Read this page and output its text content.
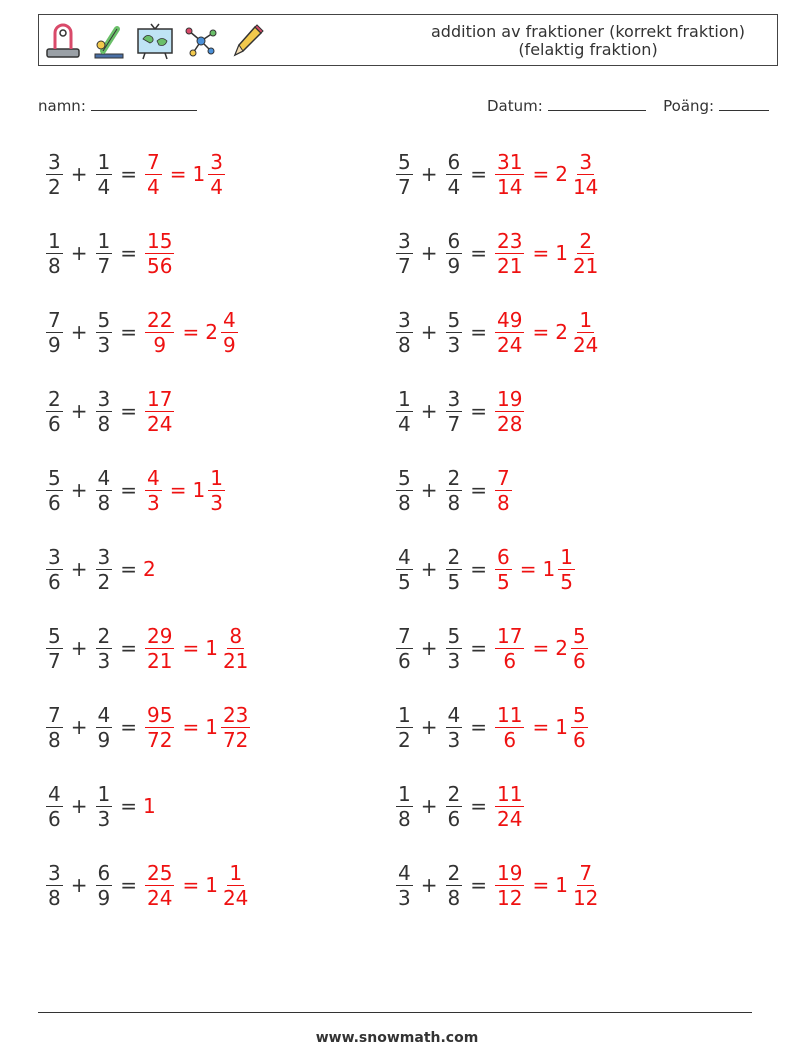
addition av fraktioner (korrekt fraktion)
(felaktig fraktion)
namn:	Datum:	Poäng:
$\frac{3}{2} + \frac{1}{4} = \frac{7}{4} = 1 \frac{3}{4}$	$\frac{5}{7} + \frac{6}{4} = \frac{31}{14} = 2 \frac{3}{14}$
$\frac{1}{8} + \frac{1}{7} = \frac{15}{56}$	$\frac{3}{7} + \frac{6}{9} = \frac{23}{21} = 1 \frac{2}{21}$
$\frac{7}{9} + \frac{5}{3} = \frac{22}{9} = 2 \frac{4}{9}$	$\frac{3}{8} + \frac{5}{3} = \frac{49}{24} = 2 \frac{1}{24}$
$\frac{2}{6} + \frac{3}{8} = \frac{17}{24}$	$\frac{1}{4} + \frac{3}{7} = \frac{19}{28}$
$\frac{5}{6} + \frac{4}{8} = \frac{4}{3} = 1 \frac{1}{3}$	$\frac{5}{8} + \frac{2}{8} = \frac{7}{8}$
$\frac{3}{6} + \frac{3}{2} = 2$	$\frac{4}{5} + \frac{2}{5} = \frac{6}{5} = 1 \frac{1}{5}$
$\frac{5}{7} + \frac{2}{3} = \frac{29}{21} = 1 \frac{8}{21}$	$\frac{7}{6} + \frac{5}{3} = \frac{17}{6} = 2 \frac{5}{6}$
$\frac{7}{8} + \frac{4}{9} = \frac{95}{72} = 1 \frac{23}{72}$	$\frac{1}{2} + \frac{4}{3} = \frac{11}{6} = 1 \frac{5}{6}$
$\frac{4}{6} + \frac{1}{3} = 1$	$\frac{1}{8} + \frac{2}{6} = \frac{11}{24}$
$\frac{3}{8} + \frac{6}{9} = \frac{25}{24} = 1 \frac{1}{24}$	$\frac{4}{3} + \frac{2}{8} = \frac{19}{12} = 1 \frac{7}{12}$
www.snowmath.com
